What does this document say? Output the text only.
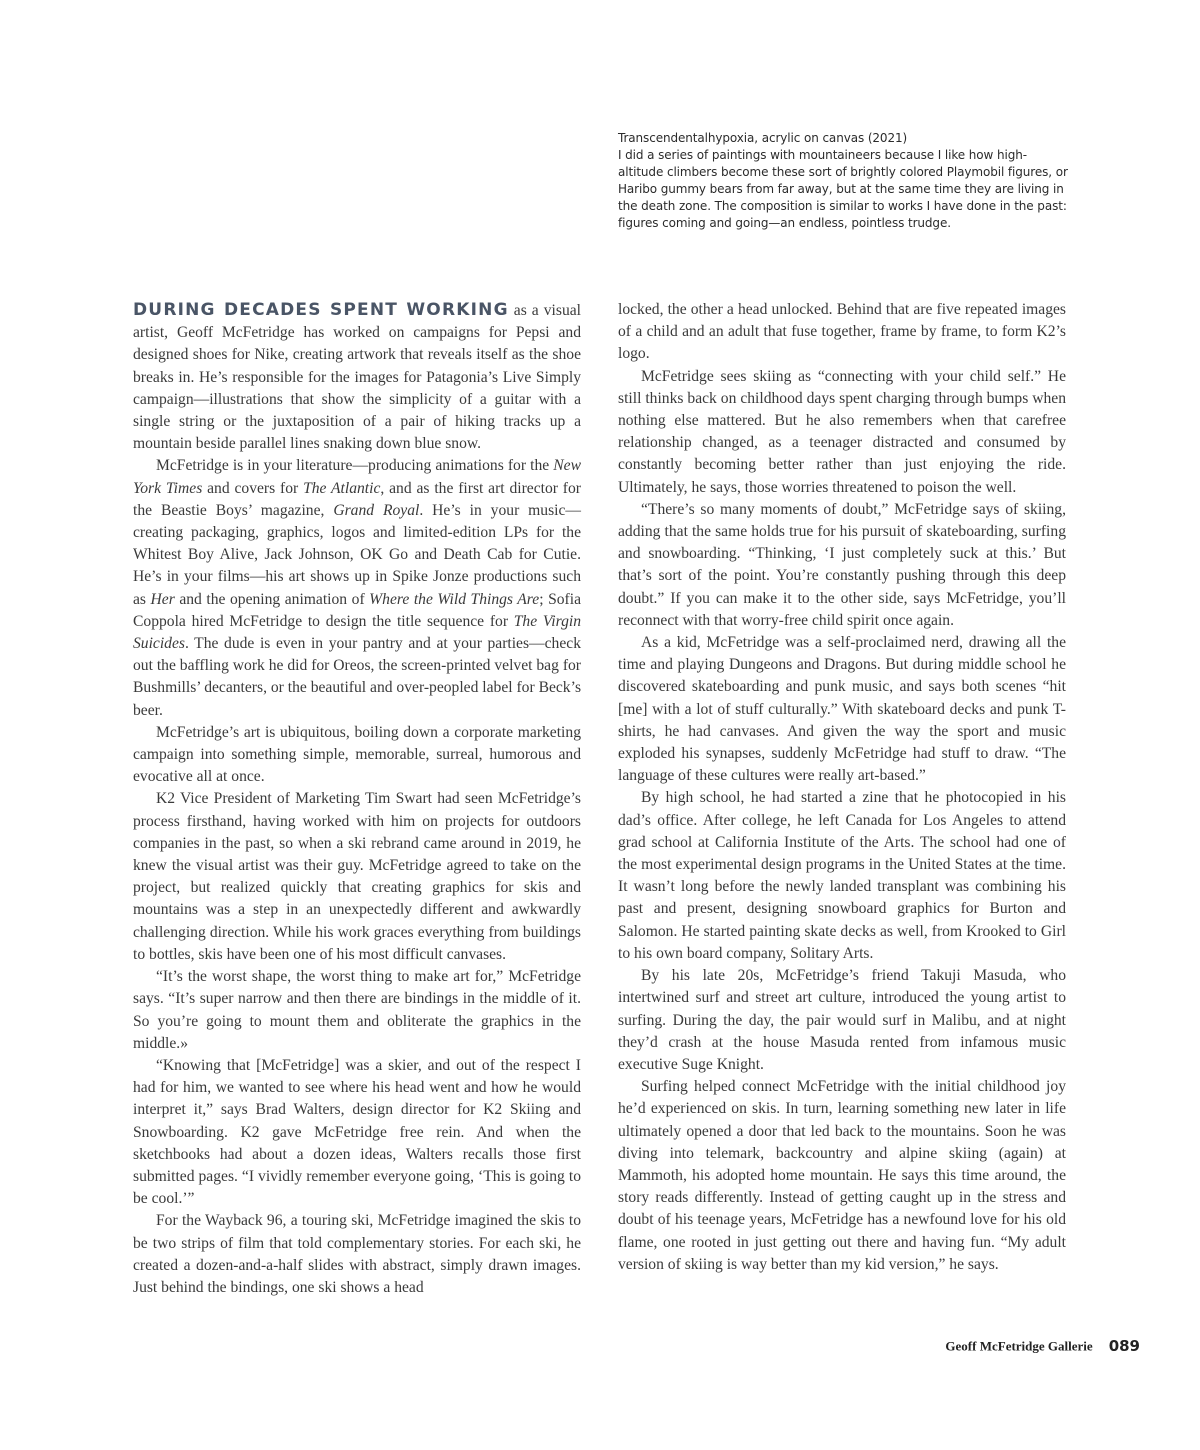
Transcendentalhypoxia, acrylic on canvas (2021)

I did a series of paintings with mountaineers because I like how high-altitude climbers become these sort of brightly colored Playmobil figures, or Haribo gummy bears from far away, but at the same time they are living in the death zone. The composition is similar to works I have done in the past: figures coming and going—an endless, pointless trudge.

DURING DECADES SPENT WORKING as a visual artist, Geoff McFetridge has worked on campaigns for Pepsi and designed shoes for Nike, creating artwork that reveals itself as the shoe breaks in. He’s responsible for the images for Patagonia’s Live Simply campaign—illustrations that show the simplicity of a guitar with a single string or the juxtaposition of a pair of hiking tracks up a mountain beside parallel lines snaking down blue snow.

McFetridge is in your literature—producing animations for the New York Times and covers for The Atlantic, and as the first art director for the Beastie Boys’ magazine, Grand Royal. He’s in your music—creating packaging, graphics, logos and limited-edition LPs for the Whitest Boy Alive, Jack Johnson, OK Go and Death Cab for Cutie. He’s in your films—his art shows up in Spike Jonze productions such as Her and the opening animation of Where the Wild Things Are; Sofia Coppola hired McFetridge to design the title sequence for The Virgin Suicides. The dude is even in your pantry and at your parties—check out the baffling work he did for Oreos, the screen-printed velvet bag for Bushmills’ decanters, or the beautiful and over-peopled label for Beck’s beer.

McFetridge’s art is ubiquitous, boiling down a corporate marketing campaign into something simple, memorable, surreal, humorous and evocative all at once.

K2 Vice President of Marketing Tim Swart had seen McFetridge’s process firsthand, having worked with him on projects for outdoors companies in the past, so when a ski rebrand came around in 2019, he knew the visual artist was their guy. McFetridge agreed to take on the project, but realized quickly that creating graphics for skis and mountains was a step in an unexpectedly different and awkwardly challenging direction. While his work graces everything from buildings to bottles, skis have been one of his most difficult canvases.

“It’s the worst shape, the worst thing to make art for,” McFetridge says. “It’s super narrow and then there are bindings in the middle of it. So you’re going to mount them and obliterate the graphics in the middle.»

“Knowing that [McFetridge] was a skier, and out of the respect I had for him, we wanted to see where his head went and how he would interpret it,” says Brad Walters, design director for K2 Skiing and Snowboarding. K2 gave McFetridge free rein. And when the sketchbooks had about a dozen ideas, Walters recalls those first submitted pages. “I vividly remember everyone going, ‘This is going to be cool.’”

For the Wayback 96, a touring ski, McFetridge imagined the skis to be two strips of film that told complementary stories. For each ski, he created a dozen-and-a-half slides with abstract, simply drawn images. Just behind the bindings, one ski shows a head

locked, the other a head unlocked. Behind that are five repeated images of a child and an adult that fuse together, frame by frame, to form K2’s logo.

McFetridge sees skiing as “connecting with your child self.” He still thinks back on childhood days spent charging through bumps when nothing else mattered. But he also remembers when that carefree relationship changed, as a teenager distracted and consumed by constantly becoming better rather than just enjoying the ride. Ultimately, he says, those worries threatened to poison the well.

“There’s so many moments of doubt,” McFetridge says of skiing, adding that the same holds true for his pursuit of skateboarding, surfing and snowboarding. “Thinking, ‘I just completely suck at this.’ But that’s sort of the point. You’re constantly pushing through this deep doubt.” If you can make it to the other side, says McFetridge, you’ll reconnect with that worry-free child spirit once again.

As a kid, McFetridge was a self-proclaimed nerd, drawing all the time and playing Dungeons and Dragons. But during middle school he discovered skateboarding and punk music, and says both scenes “hit [me] with a lot of stuff culturally.” With skateboard decks and punk T-shirts, he had canvases. And given the way the sport and music exploded his synapses, suddenly McFetridge had stuff to draw. “The language of these cultures were really art-based.”

By high school, he had started a zine that he photocopied in his dad’s office. After college, he left Canada for Los Angeles to attend grad school at California Institute of the Arts. The school had one of the most experimental design programs in the United States at the time. It wasn’t long before the newly landed transplant was combining his past and present, designing snowboard graphics for Burton and Salomon. He started painting skate decks as well, from Krooked to Girl to his own board company, Solitary Arts.

By his late 20s, McFetridge’s friend Takuji Masuda, who intertwined surf and street art culture, introduced the young artist to surfing. During the day, the pair would surf in Malibu, and at night they’d crash at the house Masuda rented from infamous music executive Suge Knight.

Surfing helped connect McFetridge with the initial childhood joy he’d experienced on skis. In turn, learning something new later in life ultimately opened a door that led back to the mountains. Soon he was diving into telemark, backcountry and alpine skiing (again) at Mammoth, his adopted home mountain. He says this time around, the story reads differently. Instead of getting caught up in the stress and doubt of his teenage years, McFetridge has a newfound love for his old flame, one rooted in just getting out there and having fun. “My adult version of skiing is way better than my kid version,” he says.

Geoff McFetridge Gallerie 089
